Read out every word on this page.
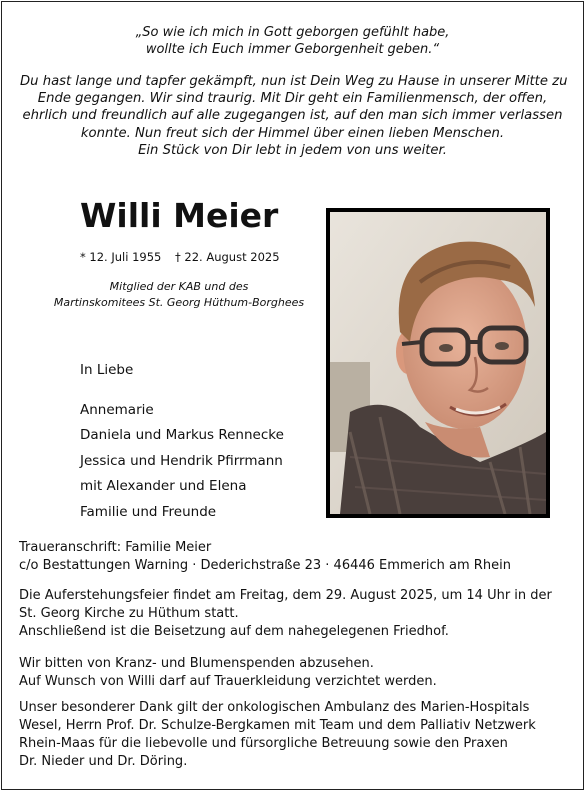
„So wie ich mich in Gott geborgen gefühlt habe,
wollte ich Euch immer Geborgenheit geben.“
Du hast lange und tapfer gekämpft, nun ist Dein Weg zu Hause in unserer Mitte zu
Ende gegangen. Wir sind traurig. Mit Dir geht ein Familienmensch, der offen,
ehrlich und freundlich auf alle zugegangen ist, auf den man sich immer verlassen
konnte. Nun freut sich der Himmel über einen lieben Menschen.
Ein Stück von Dir lebt in jedem von uns weiter.
Willi Meier
* 12. Juli 1955 † 22. August 2025
Mitglied der KAB und des
Martinskomitees St. Georg Hüthum-Borghees
In Liebe
Annemarie
Daniela und Markus Rennecke
Jessica und Hendrik Pfirrmann
mit Alexander und Elena
Familie und Freunde
Traueranschrift: Familie Meier
c/o Bestattungen Warning · Dederichstraße 23 · 46446 Emmerich am Rhein
Die Auferstehungsfeier findet am Freitag, dem 29. August 2025, um 14 Uhr in der
St. Georg Kirche zu Hüthum statt.
Anschließend ist die Beisetzung auf dem nahegelegenen Friedhof.
Wir bitten von Kranz- und Blumenspenden abzusehen.
Auf Wunsch von Willi darf auf Trauerkleidung verzichtet werden.
Unser besonderer Dank gilt der onkologischen Ambulanz des Marien-Hospitals
Wesel, Herrn Prof. Dr. Schulze-Bergkamen mit Team und dem Palliativ Netzwerk
Rhein-Maas für die liebevolle und fürsorgliche Betreuung sowie den Praxen
Dr. Nieder und Dr. Döring.
